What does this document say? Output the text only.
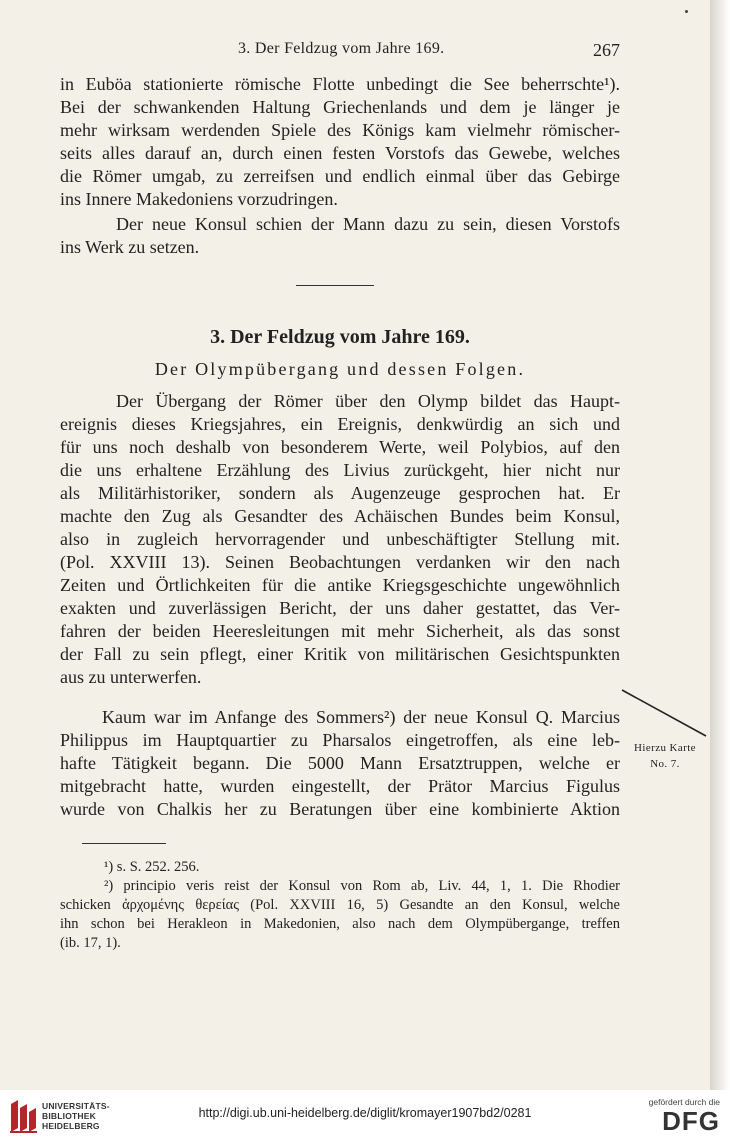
3. Der Feldzug vom Jahre 169.	267

in Euböa stationierte römische Flotte unbedingt die See beherrschte¹).

Bei der schwankenden Haltung Griechenlands und dem je länger je

mehr wirksam werdenden Spiele des Königs kam vielmehr römischer-

seits alles darauf an, durch einen festen Vorstofs das Gewebe, welches

die Römer umgab, zu zerreifsen und endlich einmal über das Gebirge

ins Innere Makedoniens vorzudringen.

Der neue Konsul schien der Mann dazu zu sein, diesen Vorstofs

ins Werk zu setzen.

3. Der Feldzug vom Jahre 169.
Der Olympübergang und dessen Folgen.

Der Übergang der Römer über den Olymp bildet das Haupt-

ereignis dieses Kriegsjahres, ein Ereignis, denkwürdig an sich und

für uns noch deshalb von besonderem Werte, weil Polybios, auf den

die uns erhaltene Erzählung des Livius zurückgeht, hier nicht nur

als Militärhistoriker, sondern als Augenzeuge gesprochen hat. Er

machte den Zug als Gesandter des Achäischen Bundes beim Konsul,

also in zugleich hervorragender und unbeschäftigter Stellung mit.

(Pol. XXVIII 13). Seinen Beobachtungen verdanken wir den nach

Zeiten und Örtlichkeiten für die antike Kriegsgeschichte ungewöhnlich

exakten und zuverlässigen Bericht, der uns daher gestattet, das Ver-

fahren der beiden Heeresleitungen mit mehr Sicherheit, als das sonst

der Fall zu sein pflegt, einer Kritik von militärischen Gesichtspunkten

aus zu unterwerfen.

Kaum war im Anfange des Sommers²) der neue Konsul Q. Marcius

Philippus im Hauptquartier zu Pharsalos eingetroffen, als eine leb-

hafte Tätigkeit begann. Die 5000 Mann Ersatztruppen, welche er

mitgebracht hatte, wurden eingestellt, der Prätor Marcius Figulus

wurde von Chalkis her zu Beratungen über eine kombinierte Aktion

Hierzu Karte
No. 7.

¹) s. S. 252. 256.

²) principio veris reist der Konsul von Rom ab, Liv. 44, 1, 1. Die Rhodier

schicken ἀρχομένης θερείας (Pol. XXVIII 16, 5) Gesandte an den Konsul, welche

ihn schon bei Herakleon in Makedonien, also nach dem Olympübergange, treffen

(ib. 17, 1).

UNIVERSITÄTS-
BIBLIOTHEK
HEIDELBERG
http://digi.ub.uni-heidelberg.de/diglit/kromayer1907bd2/0281
gefördert durch die
DFG
